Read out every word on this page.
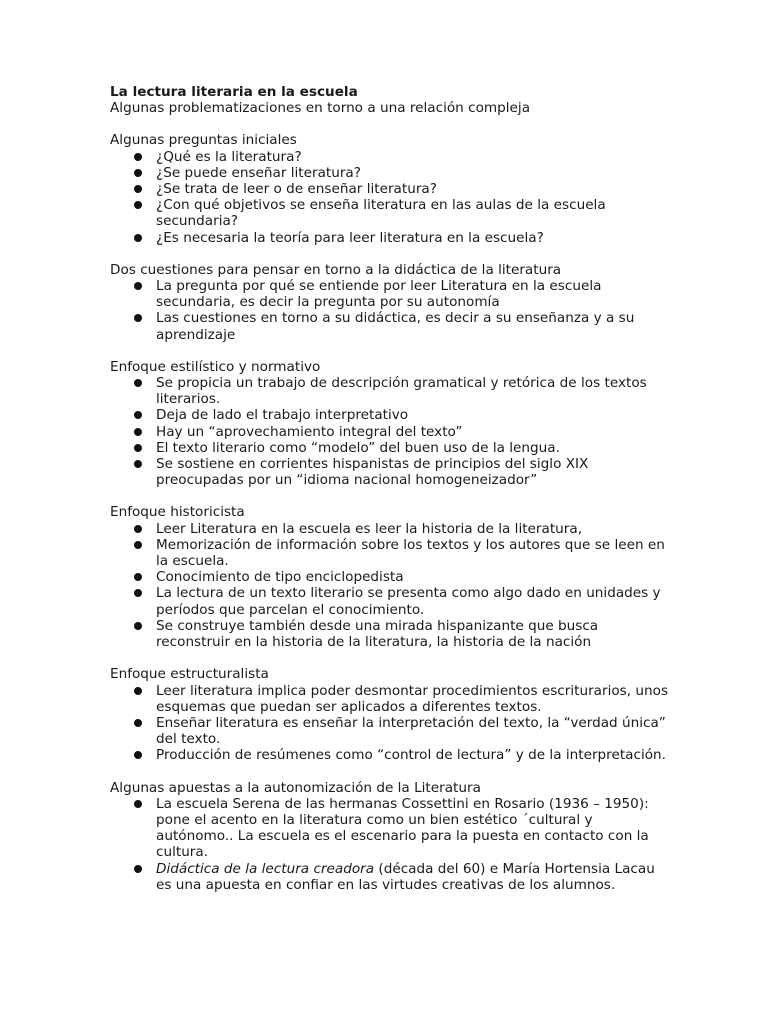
La lectura literaria en la escuela

Algunas problematizaciones en torno a una relación compleja

Algunas preguntas iniciales

¿Qué es la literatura?
¿Se puede enseñar literatura?
¿Se trata de leer o de enseñar literatura?
¿Con qué objetivos se enseña literatura en las aulas de la escuela secundaria?
¿Es necesaria la teoría para leer literatura en la escuela?

Dos cuestiones para pensar en torno a la didáctica de la literatura

La pregunta por qué se entiende por leer Literatura en la escuela secundaria, es decir la pregunta por su autonomía
Las cuestiones en torno a su didáctica, es decir a su enseñanza y a su aprendizaje

Enfoque estilístico y normativo

Se propicia un trabajo de descripción gramatical y retórica de los textos literarios.
Deja de lado el trabajo interpretativo
Hay un “aprovechamiento integral del texto”
El texto literario como “modelo” del buen uso de la lengua.
Se sostiene en corrientes hispanistas de principios del siglo XIX preocupadas por un “idioma nacional homogeneizador”

Enfoque historicista

Leer Literatura en la escuela es leer la historia de la literatura,
Memorización de información sobre los textos y los autores que se leen en la escuela.
Conocimiento de tipo enciclopedista
La lectura de un texto literario se presenta como algo dado en unidades y períodos que parcelan el conocimiento.
Se construye también desde una mirada hispanizante que busca reconstruir en la historia de la literatura, la historia de la nación

Enfoque estructuralista

Leer literatura implica poder desmontar procedimientos escriturarios, unos esquemas que puedan ser aplicados a diferentes textos.
Enseñar literatura es enseñar la interpretación del texto, la “verdad única” del texto.
Producción de resúmenes como “control de lectura” y de la interpretación.

Algunas apuestas a la autonomización de la Literatura

La escuela Serena de las hermanas Cossettini en Rosario (1936 – 1950): pone el acento en la literatura como un bien estético ´cultural y autónomo.. La escuela es el escenario para la puesta en contacto con la cultura.
Didáctica de la lectura creadora (década del 60) e María Hortensia Lacau es una apuesta en confiar en las virtudes creativas de los alumnos.
